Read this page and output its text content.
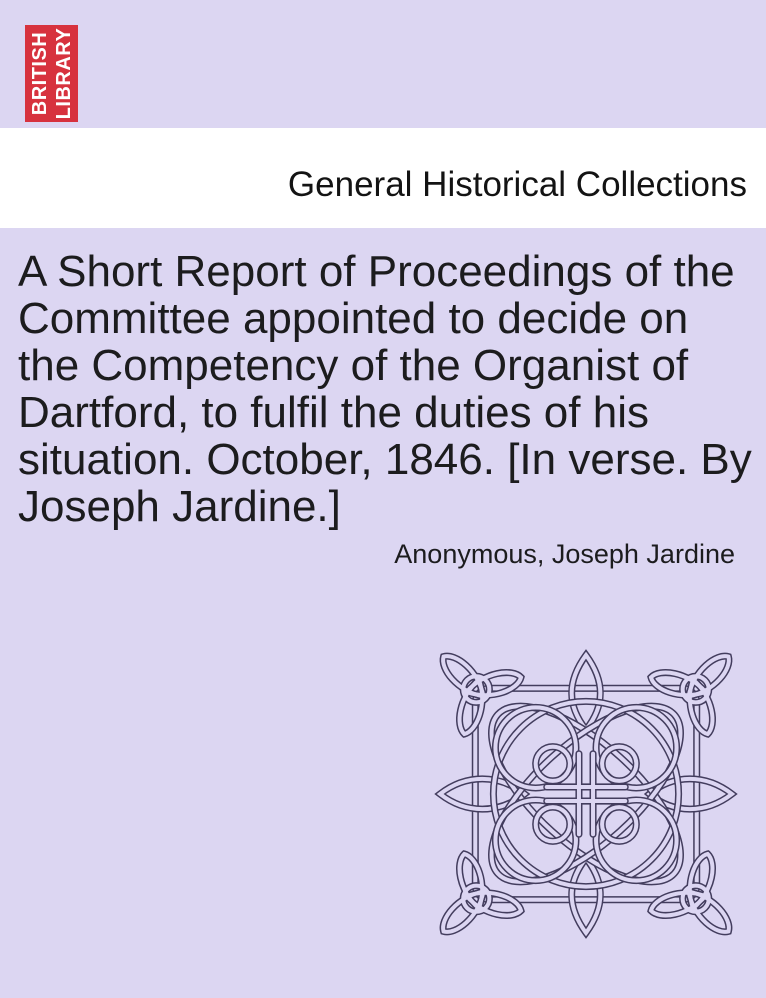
BRITISH LIBRARY
General Historical Collections
A Short Report of Proceedings of the
Committee appointed to decide on
the Competency of the Organist of
Dartford, to fulfil the duties of his
situation. October, 1846. [In verse. By
Joseph Jardine.]
Anonymous, Joseph Jardine
